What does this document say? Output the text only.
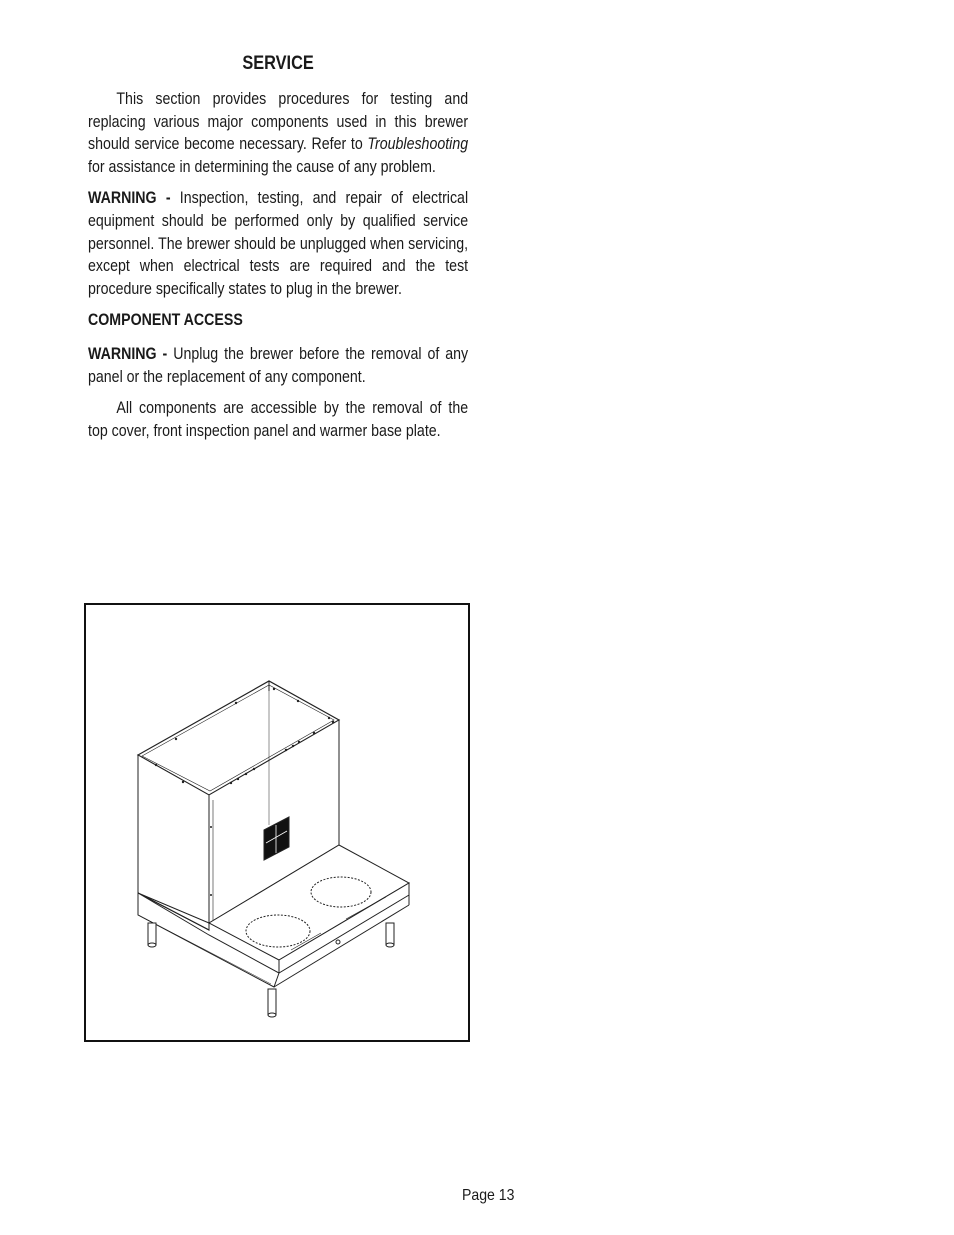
SERVICE

This section provides procedures for testing and replacing various major components used in this brewer should service become necessary. Refer to Troubleshooting for assistance in determining the cause of any problem.

WARNING - Inspection, testing, and repair of electrical equipment should be performed only by qualified service personnel. The brewer should be unplugged when servicing, except when electrical tests are required and the test procedure specifically states to plug in the brewer.

COMPONENT ACCESS

WARNING - Unplug the brewer before the removal of any panel or the replacement of any component.

All components are accessible by the removal of the top cover, front inspection panel and warmer base plate.

Page 13
